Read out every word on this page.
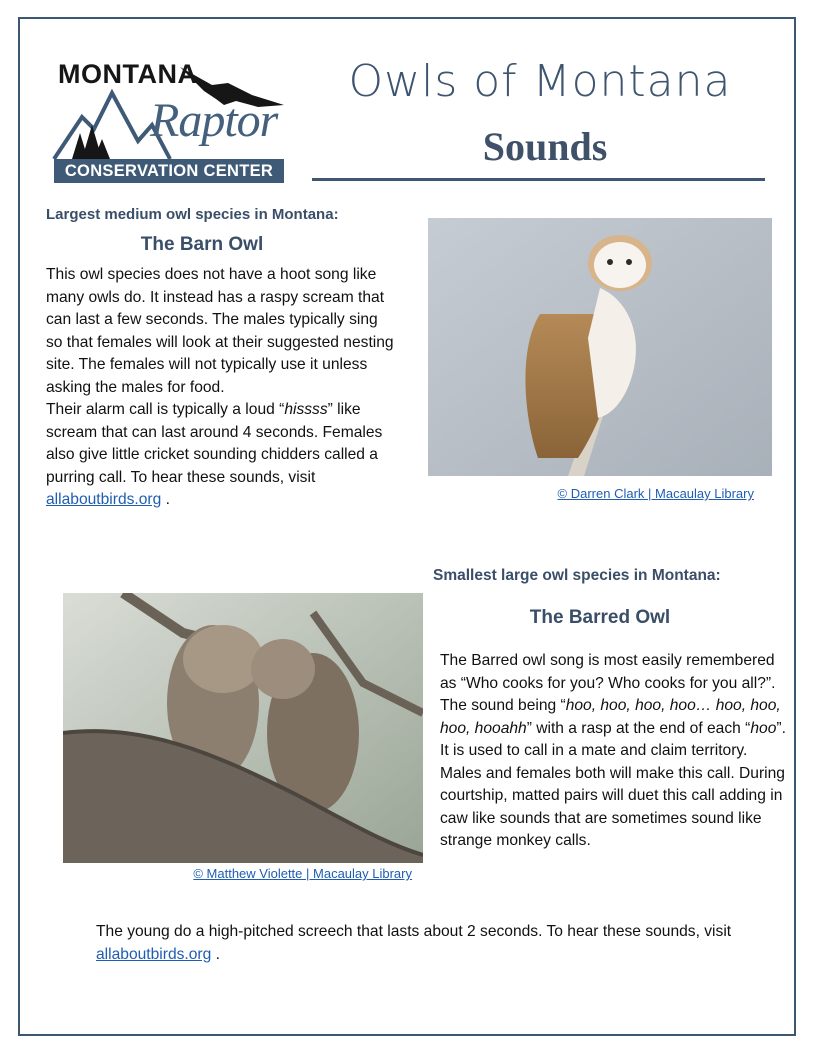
MONTANA
Raptor
CONSERVATION CENTER
Owls of Montana
Sounds
Largest medium owl species in Montana:
The Barn Owl

This owl species does not have a hoot song like many owls do. It instead has a raspy scream that can last a few seconds. The males typically sing so that females will look at their suggested nesting site. The females will not typically use it unless asking the males for food.

Their alarm call is typically a loud “hissss” like scream that can last around 4 seconds. Females also give little cricket sounding chidders called a purring call. To hear these sounds, visit allaboutbirds.org .	© Darren Clark | Macaulay Library
Smallest large owl species in Montana:
The Barred Owl

The Barred owl song is most easily remembered as “Who cooks for you? Who cooks for you all?”. The sound being “hoo, hoo, hoo, hoo… hoo, hoo, hoo, hooahh” with a rasp at the end of each “hoo”. It is used to call in a mate and claim territory. Males and females both will make this call. During courtship, matted pairs will duet this call adding in caw like sounds that are sometimes sound like strange monkey calls.

© Matthew Violette | Macaulay Library

The young do a high-pitched screech that lasts about 2 seconds. To hear these sounds, visit allaboutbirds.org .
